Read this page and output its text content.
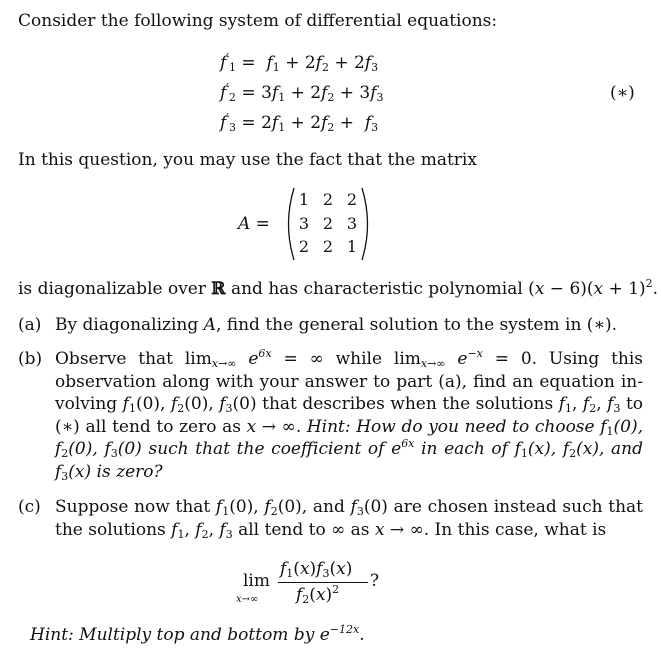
Consider the following system of differential equations:
$f'_1 = f_1 + 2f_2 + 2f_3$
$f'_2 = 3f_1 + 2f_2 + 3f_3$
$f'_3 = 2f_1 + 2f_2 + f_3$
(∗)
In this question, you may use the fact that the matrix
A =
1 2 2
3 2 3
2 2 1
is diagonalizable over ℝ and has characteristic polynomial $(x - 6)(x + 1)^2$.
(a) By diagonalizing A, find the general solution to the system in (∗).
(b) Observe that $\lim_{x\to\infty} e^{6x}$ = ∞ while $\lim_{x\to\infty} e^{-x} = 0$. Using this observation along with your answer to part (a), find an equation in- volving $f_1(0)$, $f_2(0)$, $f_3(0)$ that describes when the solutions $f_1$, $f_2$, $f_3$ to (∗) all tend to zero as x → ∞. Hint: How do you need to choose $f_1(0)$, $f_2(0)$, $f_3(0)$ such that the coefficient of $e^{6x}$ in each of $f_1(x)$, $f_2(x)$, and $f_3(x)$ is zero?
(c) Suppose now that $f_1(0)$, $f_2(0)$, and $f_3(0)$ are chosen instead such that the solutions $f_1$, $f_2$, $f_3$ all tend to ∞ as x → ∞. In this case, what is
lim
x→∞
$f_1(x)f_3(x)$
$f_2(x)^2$ ?
Hint: Multiply top and bottom by $e^{-12x}$.
